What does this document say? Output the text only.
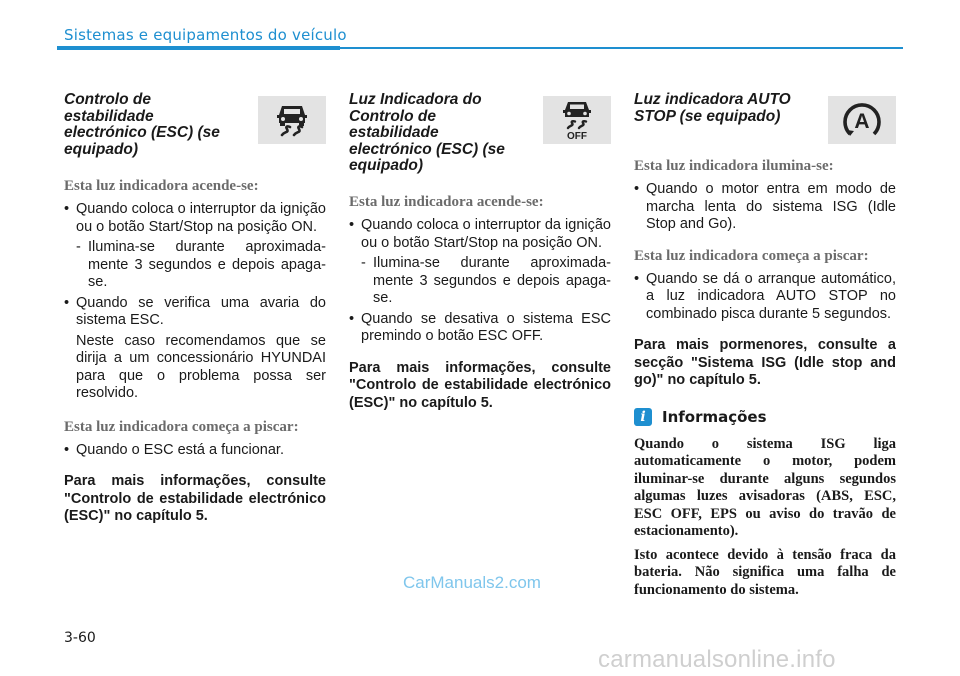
Sistemas e equipamentos do veículo
Controlo de estabilidade electrónico (ESC) (se equipado)

Esta luz indicadora acende-se:

• Quando coloca o interruptor da ignição ou o botão Start/Stop na posição ON.

- Ilumina-se durante aproximada-mente 3 segundos e depois apaga-se.

• Quando se verifica uma avaria do sistema ESC.

Neste caso recomendamos que se dirija a um concessionário HYUNDAI para que o problema possa ser resolvido.

Esta luz indicadora começa a piscar:

• Quando o ESC está a funcionar.

Para mais informações, consulte "Controlo de estabilidade electrónico (ESC)" no capítulo 5.

Luz Indicadora do Controlo de estabilidade electrónico (ESC) (se equipado)
OFF

Esta luz indicadora acende-se:

• Quando coloca o interruptor da ignição ou o botão Start/Stop na posição ON.

- Ilumina-se durante aproximada-mente 3 segundos e depois apaga-se.

• Quando se desativa o sistema ESC premindo o botão ESC OFF.

Para mais informações, consulte "Controlo de estabilidade electrónico (ESC)" no capítulo 5.

Luz indicadora AUTO STOP (se equipado)	A

Esta luz indicadora ilumina-se:

• Quando o motor entra em modo de marcha lenta do sistema ISG (Idle Stop and Go).

Esta luz indicadora começa a piscar:

• Quando se dá o arranque automático, a luz indicadora AUTO STOP no combinado pisca durante 5 segundos.

Para mais pormenores, consulte a secção "Sistema ISG (Idle stop and go)" no capítulo 5.

i	Informações

Quando o sistema ISG liga automaticamente o motor, podem iluminar-se durante alguns segundos algumas luzes avisadoras (ABS, ESC, ESC OFF, EPS ou aviso do travão de estacionamento).

Isto acontece devido à tensão fraca da bateria. Não significa uma falha de funcionamento do sistema.

3-60
CarManuals2.com
carmanualsonline.info
